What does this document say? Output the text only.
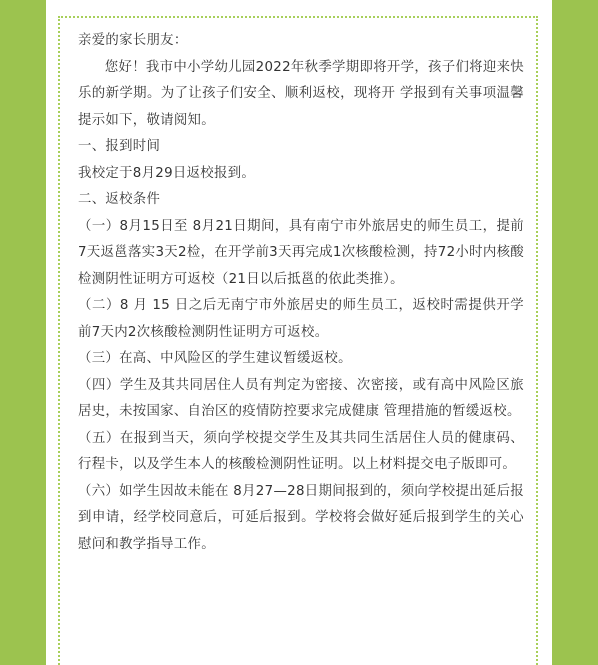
亲爱的家长朋友：

您好！我市中小学幼儿园2022年秋季学期即将开学，孩子们将迎来快乐的新学期。为了让孩子们安全、顺利返校，现将开 学报到有关事项温馨提示如下，敬请阅知。

一、报到时间

我校定于8月29日返校报到。

二、返校条件

（一）8月15日至 8月21日期间，具有南宁市外旅居史的师生员工，提前7天返邕落实3天2检，在开学前3天再完成1次核酸检测，持72小时内核酸检测阴性证明方可返校（21日以后抵邕的依此类推）。

（二）8 月 15 日之后无南宁市外旅居史的师生员工，返校时需提供开学前7天内2次核酸检测阴性证明方可返校。

（三）在高、中风险区的学生建议暂缓返校。

（四）学生及其共同居住人员有判定为密接、次密接，或有高中风险区旅居史，未按国家、自治区的疫情防控要求完成健康 管理措施的暂缓返校。

（五）在报到当天，须向学校提交学生及其共同生活居住人员的健康码、行程卡，以及学生本人的核酸检测阴性证明。以上材料提交电子版即可。

（六）如学生因故未能在 8月27—28日期间报到的，须向学校提出延后报到申请，经学校同意后，可延后报到。学校将会做好延后报到学生的关心慰问和教学指导工作。
